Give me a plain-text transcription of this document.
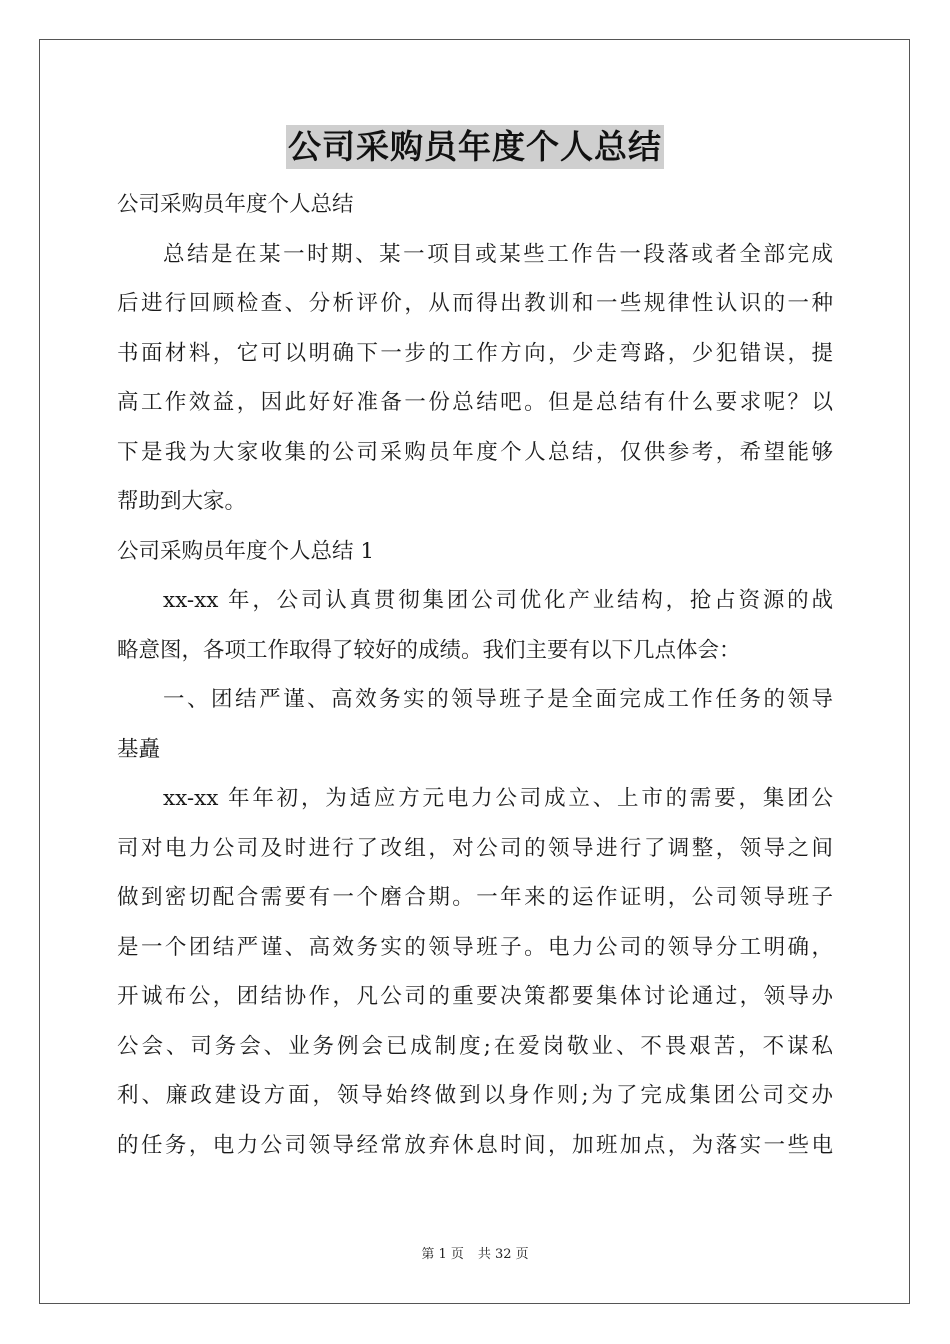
公司采购员年度个人总结
公司采购员年度个人总结
总结是在某一时期、某一项目或某些工作告一段落或者全部完成
后进行回顾检查、分析评价，从而得出教训和一些规律性认识的一种
书面材料，它可以明确下一步的工作方向，少走弯路，少犯错误，提
高工作效益，因此好好准备一份总结吧。但是总结有什么要求呢？以
下是我为大家收集的公司采购员年度个人总结，仅供参考，希望能够
帮助到大家。
公司采购员年度个人总结 1
xx-xx 年，公司认真贯彻集团公司优化产业结构，抢占资源的战
略意图，各项工作取得了较好的成绩。我们主要有以下几点体会：
一、团结严谨、高效务实的领导班子是全面完成工作任务的领导
基矗
xx-xx 年年初，为适应方元电力公司成立、上市的需要，集团公
司对电力公司及时进行了改组，对公司的领导进行了调整，领导之间
做到密切配合需要有一个磨合期。一年来的运作证明，公司领导班子
是一个团结严谨、高效务实的领导班子。电力公司的领导分工明确，
开诚布公，团结协作，凡公司的重要决策都要集体讨论通过，领导办
公会、司务会、业务例会已成制度;在爱岗敬业、不畏艰苦，不谋私
利、廉政建设方面，领导始终做到以身作则;为了完成集团公司交办
的任务，电力公司领导经常放弃休息时间，加班加点，为落实一些电
第 1 页 共 32 页
